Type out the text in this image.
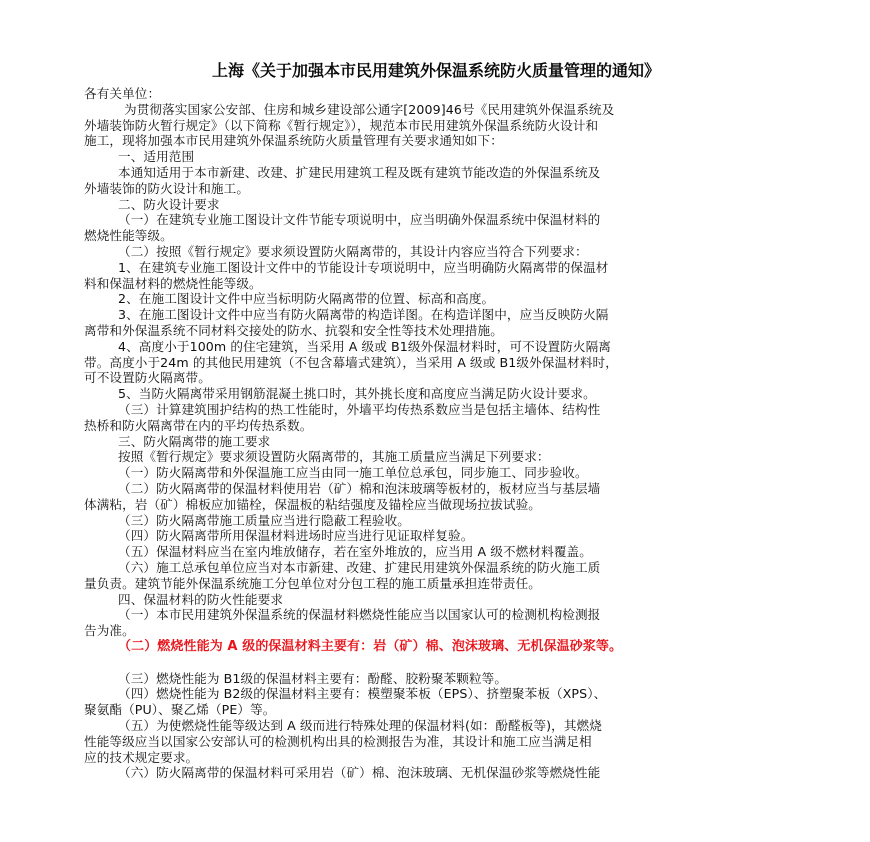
上海《关于加强本市民用建筑外保温系统防火质量管理的通知》
各有关单位：
为贯彻落实国家公安部、住房和城乡建设部公通字[2009]46号《民用建筑外保温系统及
外墙装饰防火暂行规定》（以下简称《暂行规定》），规范本市民用建筑外保温系统防火设计和
施工，现将加强本市民用建筑外保温系统防火质量管理有关要求通知如下：
一、适用范围
本通知适用于本市新建、改建、扩建民用建筑工程及既有建筑节能改造的外保温系统及
外墙装饰的防火设计和施工。
二、防火设计要求
（一）在建筑专业施工图设计文件节能专项说明中，应当明确外保温系统中保温材料的
燃烧性能等级。
（二）按照《暂行规定》要求须设置防火隔离带的，其设计内容应当符合下列要求：
1、在建筑专业施工图设计文件中的节能设计专项说明中，应当明确防火隔离带的保温材
料和保温材料的燃烧性能等级。
2、在施工图设计文件中应当标明防火隔离带的位置、标高和高度。
3、在施工图设计文件中应当有防火隔离带的构造详图。在构造详图中，应当反映防火隔
离带和外保温系统不同材料交接处的防水、抗裂和安全性等技术处理措施。
4、高度小于100m 的住宅建筑，当采用 A 级或 B1级外保温材料时，可不设置防火隔离
带。高度小于24m 的其他民用建筑（不包含幕墙式建筑），当采用 A 级或 B1级外保温材料时，
可不设置防火隔离带。
5、当防火隔离带采用钢筋混凝土挑口时，其外挑长度和高度应当满足防火设计要求。
（三）计算建筑围护结构的热工性能时，外墙平均传热系数应当是包括主墙体、结构性
热桥和防火隔离带在内的平均传热系数。
三、防火隔离带的施工要求
按照《暂行规定》要求须设置防火隔离带的，其施工质量应当满足下列要求：
（一）防火隔离带和外保温施工应当由同一施工单位总承包，同步施工、同步验收。
（二）防火隔离带的保温材料使用岩（矿）棉和泡沫玻璃等板材的，板材应当与基层墙
体满粘，岩（矿）棉板应加锚栓，保温板的粘结强度及锚栓应当做现场拉拔试验。
（三）防火隔离带施工质量应当进行隐蔽工程验收。
（四）防火隔离带所用保温材料进场时应当进行见证取样复验。
（五）保温材料应当在室内堆放储存，若在室外堆放的，应当用 A 级不燃材料覆盖。
（六）施工总承包单位应当对本市新建、改建、扩建民用建筑外保温系统的防火施工质
量负责。建筑节能外保温系统施工分包单位对分包工程的施工质量承担连带责任。
四、保温材料的防火性能要求
（一）本市民用建筑外保温系统的保温材料燃烧性能应当以国家认可的检测机构检测报
告为准。
（二）燃烧性能为 A 级的保温材料主要有：岩（矿）棉、泡沫玻璃、无机保温砂浆等。
（三）燃烧性能为 B1级的保温材料主要有：酚醛、胶粉聚苯颗粒等。
（四）燃烧性能为 B2级的保温材料主要有：模塑聚苯板（EPS）、挤塑聚苯板（XPS）、
聚氨酯（PU）、聚乙烯（PE）等。
（五）为使燃烧性能等级达到 A 级而进行特殊处理的保温材料(如：酚醛板等)，其燃烧
性能等级应当以国家公安部认可的检测机构出具的检测报告为准，其设计和施工应当满足相
应的技术规定要求。
（六）防火隔离带的保温材料可采用岩（矿）棉、泡沫玻璃、无机保温砂浆等燃烧性能
